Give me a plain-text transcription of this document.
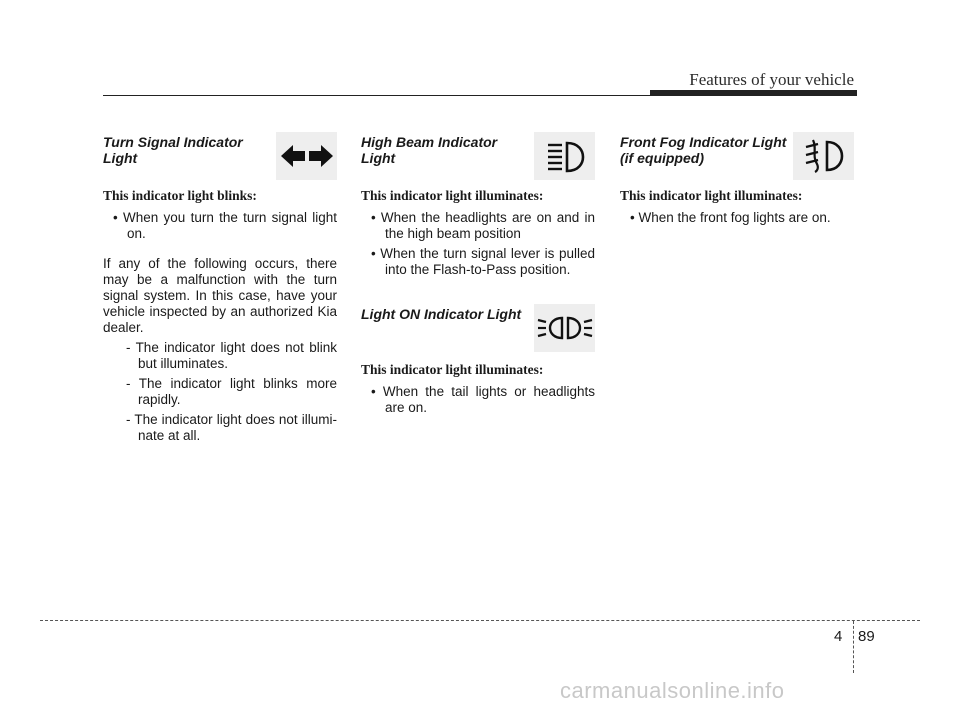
Features of your vehicle
Turn Signal Indicator Light
This indicator light blinks:
• When you turn the turn signal light on.
If any of the following occurs, there may be a malfunction with the turn signal system. In this case, have your vehicle inspected by an authorized Kia dealer.
- The indicator light does not blink but illuminates.
- The indicator light blinks more rapidly.
- The indicator light does not illumi-nate at all.
High Beam Indicator Light
This indicator light illuminates:
• When the headlights are on and in the high beam position
• When the turn signal lever is pulled into the Flash-to-Pass position.
Light ON Indicator Light
This indicator light illuminates:
• When the tail lights or headlights are on.
Front Fog Indicator Light (if equipped)
This indicator light illuminates:
• When the front fog lights are on.
4 89
carmanualsonline.info
